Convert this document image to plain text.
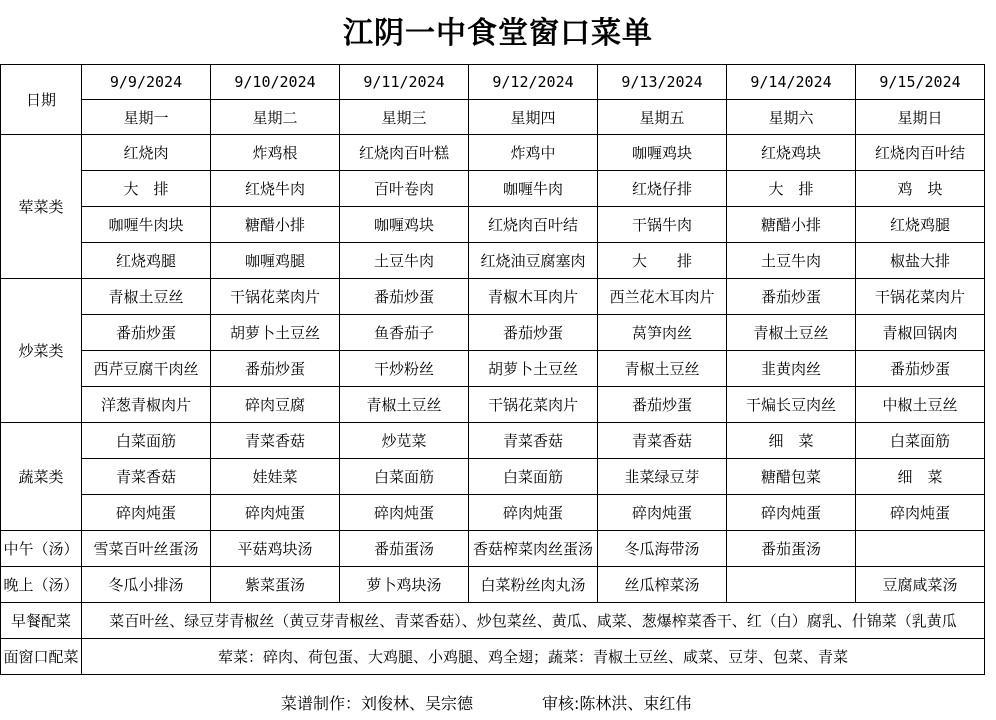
江阴一中食堂窗口菜单
日期	9/9/2024	9/10/2024	9/11/2024	9/12/2024	9/13/2024	9/14/2024	9/15/2024
	星期一	星期二	星期三	星期四	星期五	星期六	星期日
荤菜类	红烧肉	炸鸡根	红烧肉百叶糕	炸鸡中	咖喱鸡块	红烧鸡块	红烧肉百叶结
	大　排	红烧牛肉	百叶卷肉	咖喱牛肉	红烧仔排	大　排	鸡　块
	咖喱牛肉块	糖醋小排	咖喱鸡块	红烧肉百叶结	干锅牛肉	糖醋小排	红烧鸡腿
	红烧鸡腿	咖喱鸡腿	土豆牛肉	红烧油豆腐塞肉	大　　排	土豆牛肉	椒盐大排
炒菜类	青椒土豆丝	干锅花菜肉片	番茄炒蛋	青椒木耳肉片	西兰花木耳肉片	番茄炒蛋	干锅花菜肉片
	番茄炒蛋	胡萝卜土豆丝	鱼香茄子	番茄炒蛋	莴笋肉丝	青椒土豆丝	青椒回锅肉
	西芹豆腐干肉丝	番茄炒蛋	干炒粉丝	胡萝卜土豆丝	青椒土豆丝	韭黄肉丝	番茄炒蛋
	洋葱青椒肉片	碎肉豆腐	青椒土豆丝	干锅花菜肉片	番茄炒蛋	干煸长豆肉丝	中椒土豆丝
蔬菜类	白菜面筋	青菜香菇	炒苋菜	青菜香菇	青菜香菇	细　菜	白菜面筋
	青菜香菇	娃娃菜	白菜面筋	白菜面筋	韭菜绿豆芽	糖醋包菜	细　菜
	碎肉炖蛋	碎肉炖蛋	碎肉炖蛋	碎肉炖蛋	碎肉炖蛋	碎肉炖蛋	碎肉炖蛋
中午（汤）	雪菜百叶丝蛋汤	平菇鸡块汤	番茄蛋汤	香菇榨菜肉丝蛋汤	冬瓜海带汤	番茄蛋汤	
晚上（汤）	冬瓜小排汤	紫菜蛋汤	萝卜鸡块汤	白菜粉丝肉丸汤	丝瓜榨菜汤		豆腐咸菜汤
早餐配菜	菜百叶丝、绿豆芽青椒丝（黄豆芽青椒丝、青菜香菇）、炒包菜丝、黄瓜、咸菜、葱爆榨菜香干、红（白）腐乳、什锦菜（乳黄瓜						

面窗口配菜	荤菜：碎肉、荷包蛋、大鸡腿、小鸡腿、鸡全翅；蔬菜：青椒土豆丝、咸菜、豆芽、包菜、青菜						
菜谱制作：刘俊林、吴宗德	审核:陈林洪、束红伟
